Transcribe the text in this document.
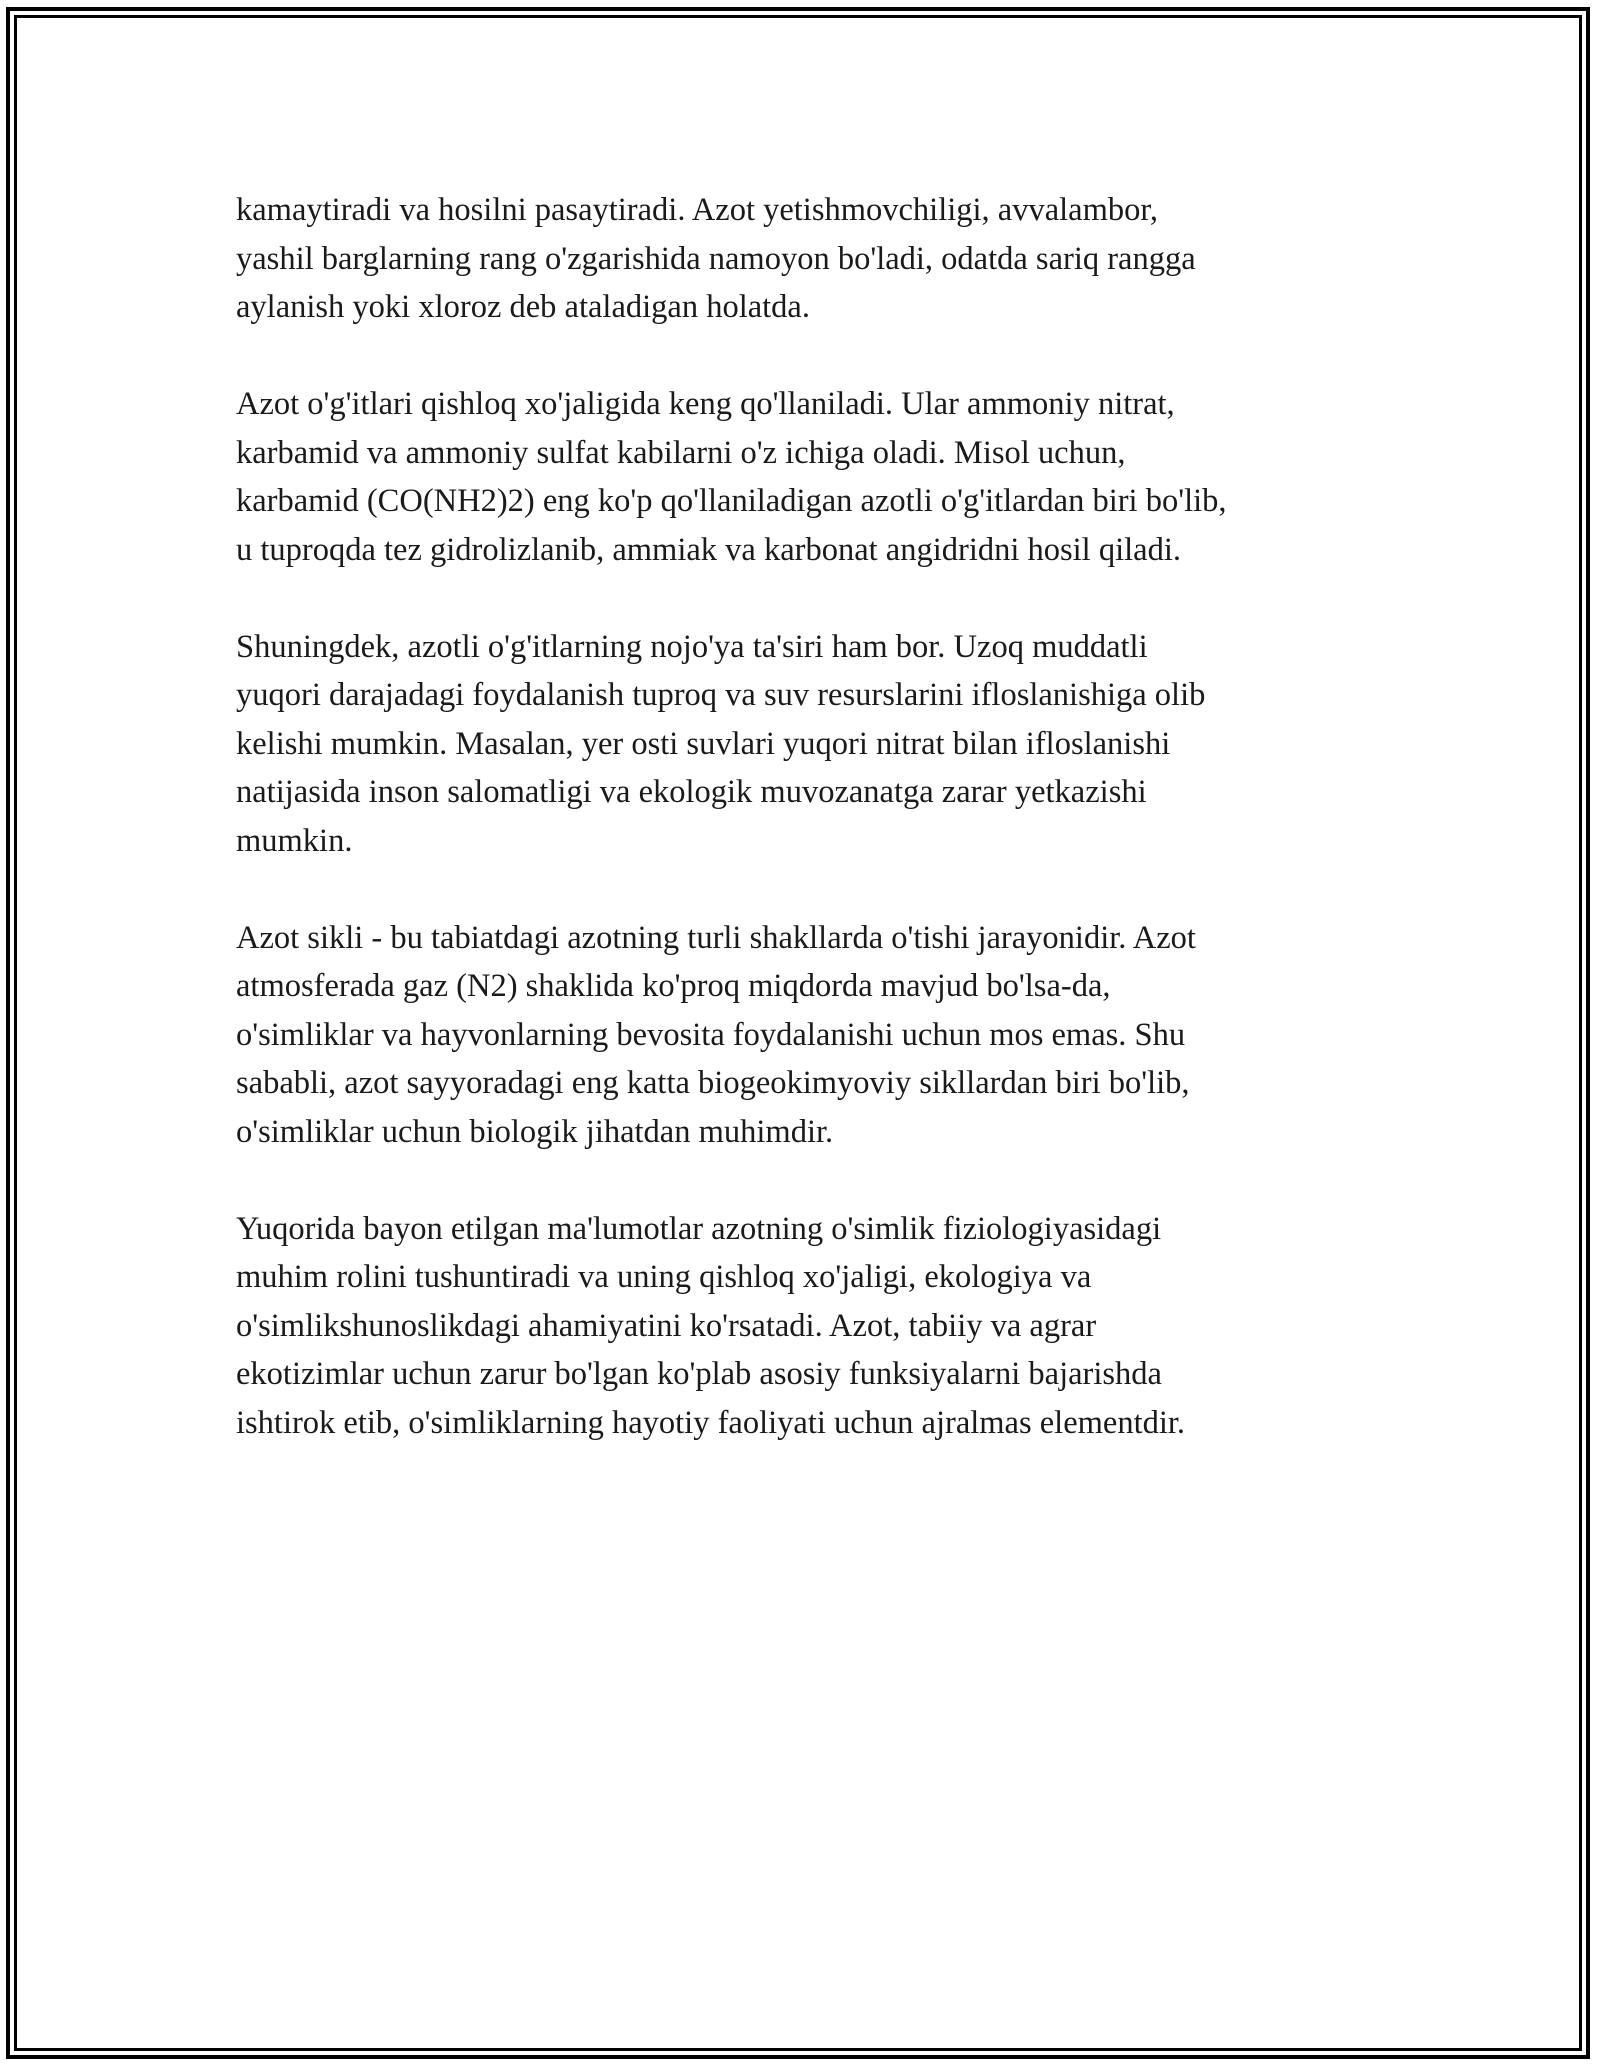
kamaytiradi va hosilni pasaytiradi. Azot yetishmovchiligi, avvalambor,
yashil barglarning rang o'zgarishida namoyon bo'ladi, odatda sariq rangga
aylanish yoki xloroz deb ataladigan holatda.

Azot o'g'itlari qishloq xo'jaligida keng qo'llaniladi. Ular ammoniy nitrat,
karbamid va ammoniy sulfat kabilarni o'z ichiga oladi. Misol uchun,
karbamid (CO(NH2)2) eng ko'p qo'llaniladigan azotli o'g'itlardan biri bo'lib,
u tuproqda tez gidrolizlanib, ammiak va karbonat angidridni hosil qiladi.

Shuningdek, azotli o'g'itlarning nojo'ya ta'siri ham bor. Uzoq muddatli
yuqori darajadagi foydalanish tuproq va suv resurslarini ifloslanishiga olib
kelishi mumkin. Masalan, yer osti suvlari yuqori nitrat bilan ifloslanishi
natijasida inson salomatligi va ekologik muvozanatga zarar yetkazishi
mumkin.

Azot sikli - bu tabiatdagi azotning turli shakllarda o'tishi jarayonidir. Azot
atmosferada gaz (N2) shaklida ko'proq miqdorda mavjud bo'lsa-da,
o'simliklar va hayvonlarning bevosita foydalanishi uchun mos emas. Shu
sababli, azot sayyoradagi eng katta biogeokimyoviy sikllardan biri bo'lib,
o'simliklar uchun biologik jihatdan muhimdir.

Yuqorida bayon etilgan ma'lumotlar azotning o'simlik fiziologiyasidagi
muhim rolini tushuntiradi va uning qishloq xo'jaligi, ekologiya va
o'simlikshunoslikdagi ahamiyatini ko'rsatadi. Azot, tabiiy va agrar
ekotizimlar uchun zarur bo'lgan ko'plab asosiy funksiyalarni bajarishda
ishtirok etib, o'simliklarning hayotiy faoliyati uchun ajralmas elementdir.
